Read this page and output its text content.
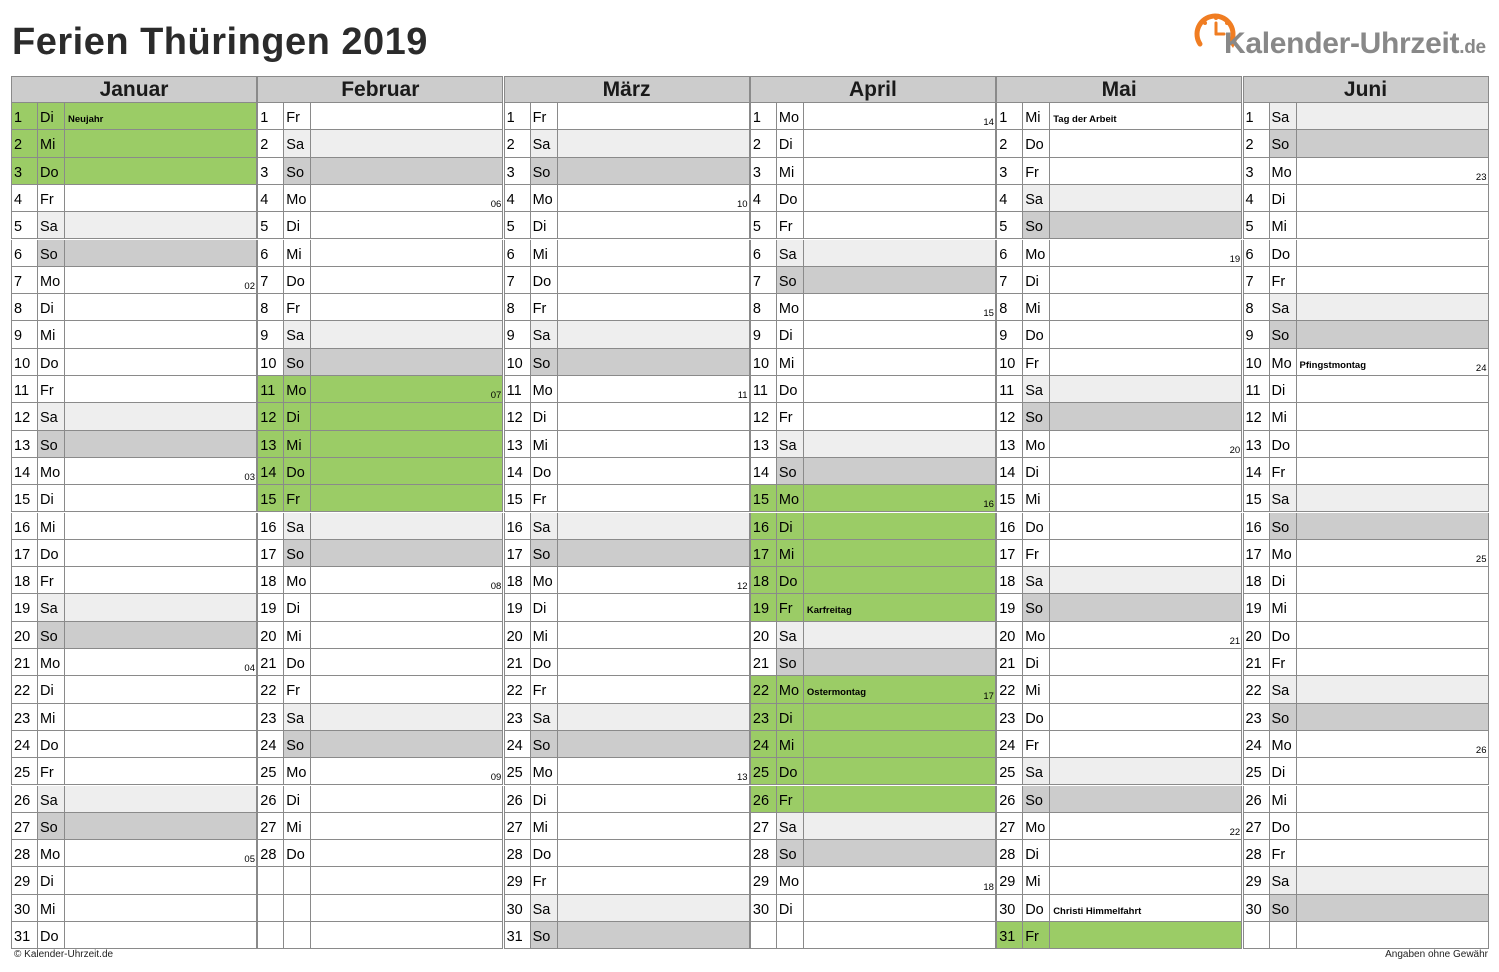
Ferien Thüringen 2019	Kalender-Uhrzeit.de
Januar
1 Di Neujahr
2 Mi
3 Do
4 Fr
5 Sa
6 So
7 Mo	02
8 Di
9 Mi
10 Do
11 Fr
12 Sa
13 So
14 Mo	03
15 Di
16 Mi
17 Do
18 Fr
19 Sa
20 So
21 Mo	04
22 Di
23 Mi
24 Do
25 Fr
26 Sa
27 So
28 Mo	05
29 Di
30 Mi
31 Do
Februar
1 Fr
2 Sa
3 So
4 Mo	06
5 Di
6 Mi
7 Do
8 Fr
9 Sa
10 So
11 Mo	07
12 Di
13 Mi
14 Do
15 Fr
16 Sa
17 So
18 Mo	08
19 Di
20 Mi
21 Do
22 Fr
23 Sa
24 So
25 Mo	09
26 Di
27 Mi
28 Do
März
1 Fr
2 Sa
3 So
4 Mo	10
5 Di
6 Mi
7 Do
8 Fr
9 Sa
10 So
11 Mo	11
12 Di
13 Mi
14 Do
15 Fr
16 Sa
17 So
18 Mo	12
19 Di
20 Mi
21 Do
22 Fr
23 Sa
24 So
25 Mo	13
26 Di
27 Mi
28 Do
29 Fr
30 Sa
31 So
April
1 Mo	14
2 Di
3 Mi
4 Do
5 Fr
6 Sa
7 So
8 Mo	15
9 Di
10 Mi
11 Do
12 Fr
13 Sa
14 So
15 Mo	16
16 Di
17 Mi
18 Do
19 Fr Karfreitag
20 Sa
21 So
22 Mo Ostermontag	17
23 Di
24 Mi
25 Do
26 Fr
27 Sa
28 So
29 Mo	18
30 Di
Mai
1 Mi Tag der Arbeit
2 Do
3 Fr
4 Sa
5 So
6 Mo	19
7 Di
8 Mi
9 Do
10 Fr
11 Sa
12 So
13 Mo	20
14 Di
15 Mi
16 Do
17 Fr
18 Sa
19 So
20 Mo	21
21 Di
22 Mi
23 Do
24 Fr
25 Sa
26 So
27 Mo	22
28 Di
29 Mi
30 Do Christi Himmelfahrt
31 Fr
Juni
1 Sa
2 So
3 Mo	23
4 Di
5 Mi
6 Do
7 Fr
8 Sa
9 So
10 Mo Pfingstmontag	24
11 Di
12 Mi
13 Do
14 Fr
15 Sa
16 So
17 Mo	25
18 Di
19 Mi
20 Do
21 Fr
22 Sa
23 So
24 Mo	26
25 Di
26 Mi
27 Do
28 Fr
29 Sa
30 So
© Kalender-Uhrzeit.de	Angaben ohne Gewähr
